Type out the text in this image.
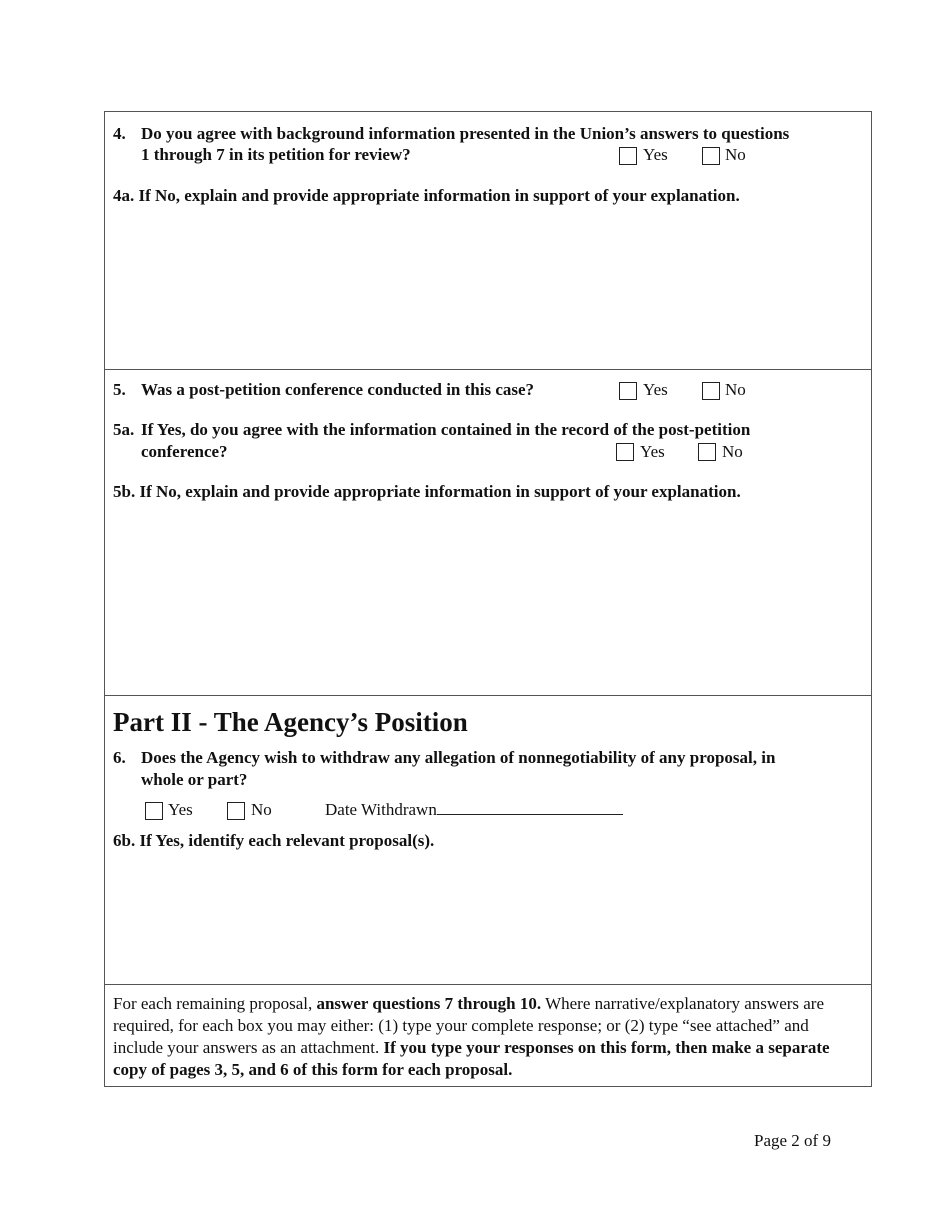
4. Do you agree with background information presented in the Union’s answers to questions
1 through 7 in its petition for review?	Yes	No
4a. If No, explain and provide appropriate information in support of your explanation.
5. Was a post-petition conference conducted in this case?	Yes	No
5a. If Yes, do you agree with the information contained in the record of the post-petition
conference?	Yes	No
5b. If No, explain and provide appropriate information in support of your explanation.
Part II - The Agency’s Position
6. Does the Agency wish to withdraw any allegation of nonnegotiability of any proposal, in
whole or part?
Yes	No	Date Withdrawn
6b. If Yes, identify each relevant proposal(s).
For each remaining proposal, answer questions 7 through 10. Where narrative/explanatory answers are required, for each box you may either: (1) type your complete response; or (2) type “see attached” and include your answers as an attachment. If you type your responses on this form, then make a separate copy of pages 3, 5, and 6 of this form for each proposal.
Page 2 of 9
